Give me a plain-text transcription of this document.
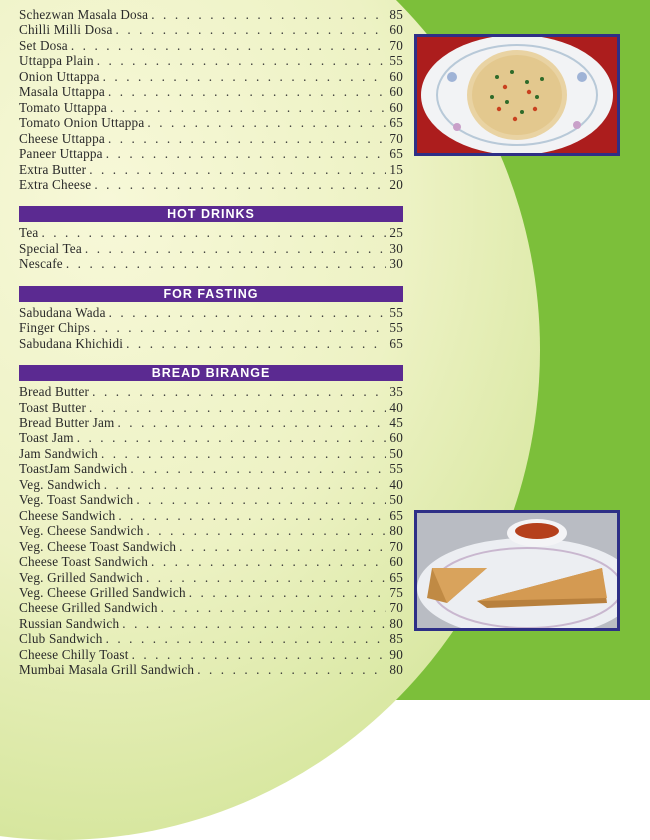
Schezwan Masala Dosa . . .	85
Chilli Milli Dosa . . .	60
Set Dosa . . .	70
Uttappa Plain . . .	55
Onion Uttappa . . .	60
Masala Uttappa . . .	60
Tomato Uttappa . . .	60
Tomato Onion Uttappa . . .	65
Cheese Uttappa . . .	70
Paneer Uttappa . . .	65
Extra Butter . . .	15
Extra Cheese . . .	20
HOT DRINKS
Tea . . .	25
Special Tea . . .	30
Nescafe . . .	30
FOR FASTING
Sabudana Wada . . .	55
Finger Chips . . .	55
Sabudana Khichidi . . .	65
BREAD BIRANGE
Bread Butter . . .	35
Toast Butter . . .	40
Bread Butter Jam . . .	45
Toast Jam . . .	60
Jam Sandwich . . .	50
ToastJam Sandwich . . .	55
Veg. Sandwich . . .	40
Veg. Toast Sandwich . . .	50
Cheese Sandwich . . .	65
Veg. Cheese Sandwich . . .	80
Veg. Cheese Toast Sandwich . . .	70
Cheese Toast Sandwich . . .	60
Veg. Grilled Sandwich . . .	65
Veg. Cheese Grilled Sandwich . . .	75
Cheese Grilled Sandwich . . .	70
Russian Sandwich . . .	80
Club Sandwich . . .	85
Cheese Chilly Toast . . .	90
Mumbai Masala Grill Sandwich . . .	80
